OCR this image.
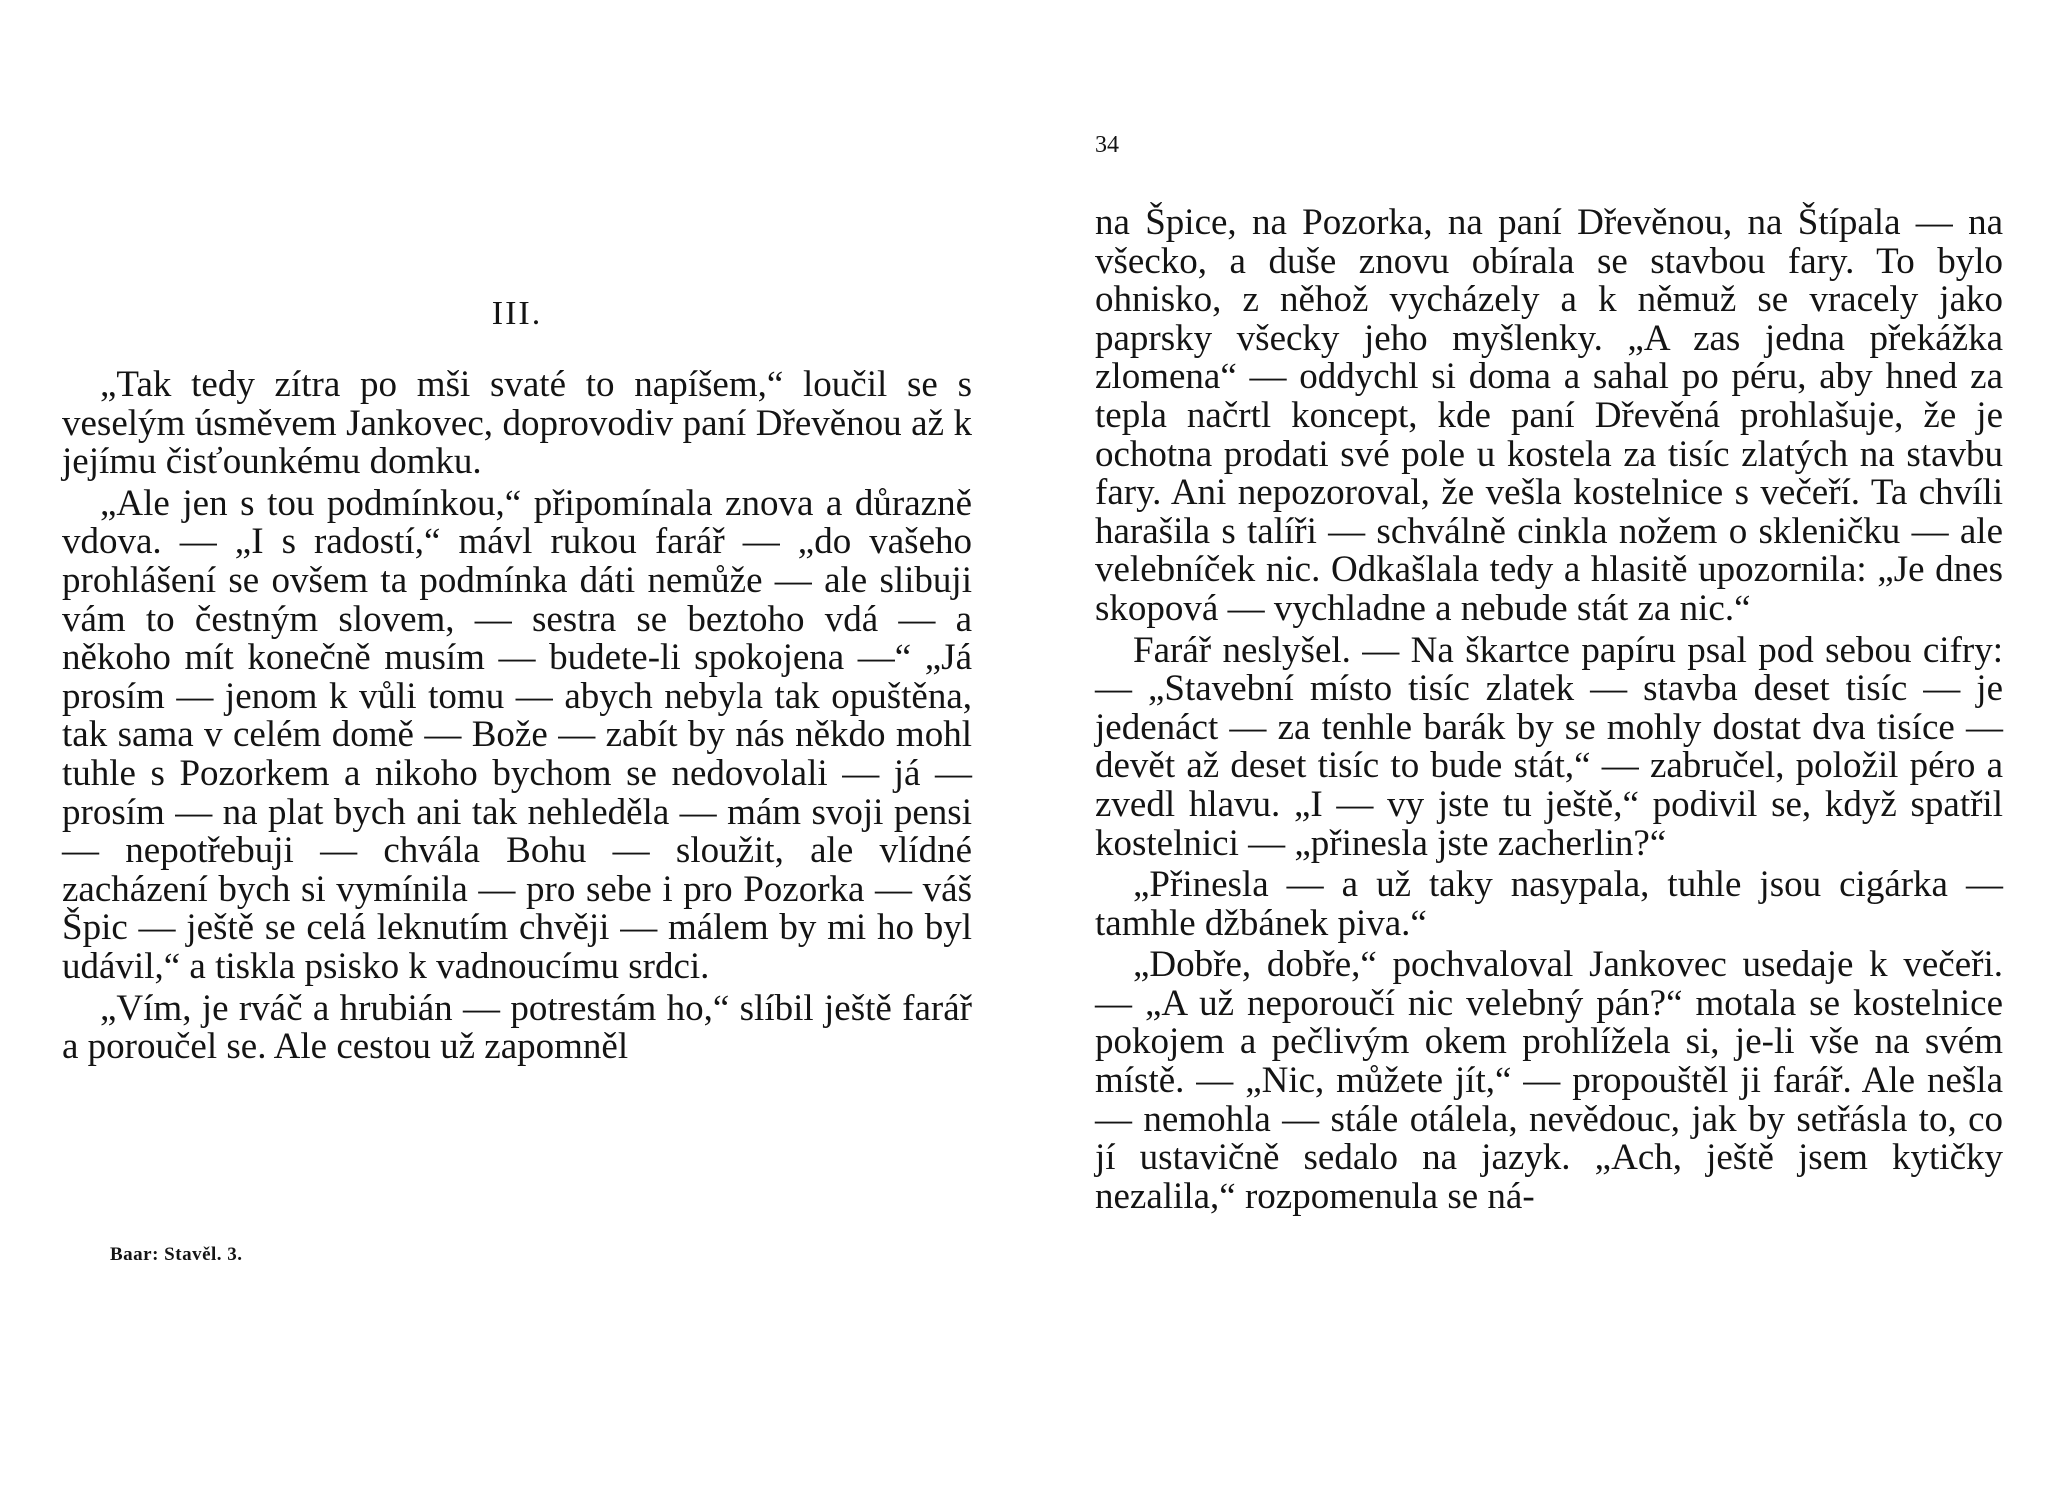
III.

„Tak tedy zítra po mši svaté to napíšem,“ loučil se s veselým úsměvem Jankovec, doprovodiv paní Dřevěnou až k jejímu čisťounkému domku.

„Ale jen s tou podmínkou,“ připomínala znova a důrazně vdova. — „I s radostí,“ mávl rukou farář — „do vašeho prohlášení se ovšem ta podmínka dáti nemůže — ale slibuji vám to čestným slovem, — sestra se beztoho vdá — a někoho mít konečně musím — budete-li spokojena —“ „Já prosím — jenom k vůli tomu — abych nebyla tak opuštěna, tak sama v celém domě — Bože — zabít by nás někdo mohl tuhle s Pozorkem a nikoho bychom se nedovolali — já — prosím — na plat bych ani tak nehleděla — mám svoji pensi — nepotřebuji — chvála Bohu — sloužit, ale vlídné zacházení bych si vymínila — pro sebe i pro Pozorka — váš Špic — ještě se celá leknutím chvěji — málem by mi ho byl udávil,“ a tiskla psisko k vadnoucímu srdci.

„Vím, je rváč a hrubián — potrestám ho,“ slíbil ještě farář a poroučel se. Ale cestou už zapomněl

Baar: Stavěl. 3.
34

na Špice, na Pozorka, na paní Dřevěnou, na Štípala — na všecko, a duše znovu obírala se stavbou fary. To bylo ohnisko, z něhož vycházely a k němuž se vracely jako paprsky všecky jeho myšlenky. „A zas jedna překážka zlomena“ — oddychl si doma a sahal po péru, aby hned za tepla načrtl koncept, kde paní Dřevěná prohlašuje, že je ochotna prodati své pole u kostela za tisíc zlatých na stavbu fary. Ani nepozoroval, že vešla kostelnice s večeří. Ta chvíli harašila s talíři — schválně cinkla nožem o skleničku — ale velebníček nic. Odkašlala tedy a hlasitě upozornila: „Je dnes skopová — vychladne a nebude stát za nic.“

Farář neslyšel. — Na škartce papíru psal pod sebou cifry: — „Stavební místo tisíc zlatek — stavba deset tisíc — je jedenáct — za tenhle barák by se mohly dostat dva tisíce — devět až deset tisíc to bude stát,“ — zabručel, položil péro a zvedl hlavu. „I — vy jste tu ještě,“ podivil se, když spatřil kostelnici — „přinesla jste zacherlin?“

„Přinesla — a už taky nasypala, tuhle jsou cigárka — tamhle džbánek piva.“

„Dobře, dobře,“ pochvaloval Jankovec usedaje k večeři. — „A už neporoučí nic velebný pán?“ motala se kostelnice pokojem a pečlivým okem prohlížela si, je-li vše na svém místě. — „Nic, můžete jít,“ — propouštěl ji farář. Ale nešla — nemohla — stále otálela, nevědouc, jak by setřásla to, co jí ustavičně sedalo na jazyk. „Ach, ještě jsem kytičky nezalila,“ rozpomenula se ná-
